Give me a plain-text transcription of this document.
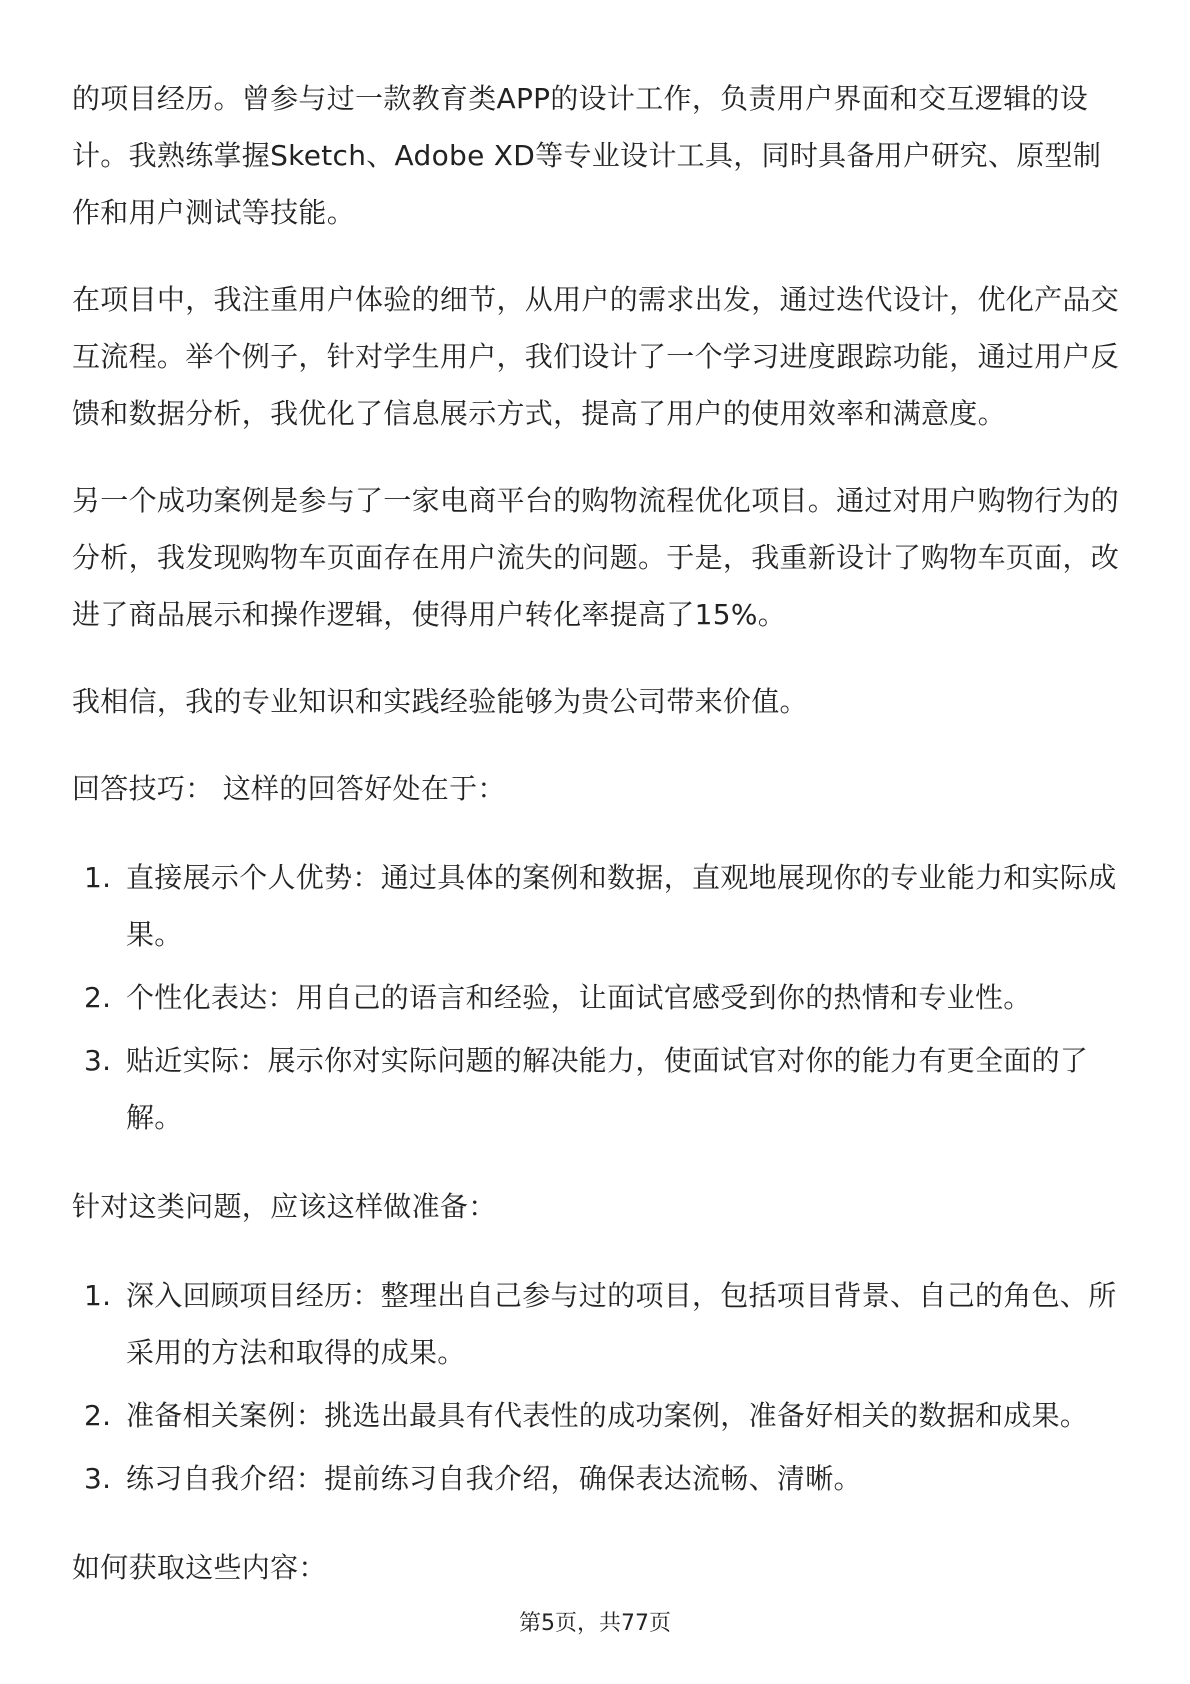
的项目经历。曾参与过一款教育类APP的设计工作，负责用户界面和交互逻辑的设计。我熟练掌握Sketch、Adobe XD等专业设计工具，同时具备用户研究、原型制作和用户测试等技能。

在项目中，我注重用户体验的细节，从用户的需求出发，通过迭代设计，优化产品交互流程。举个例子，针对学生用户，我们设计了一个学习进度跟踪功能，通过用户反馈和数据分析，我优化了信息展示方式，提高了用户的使用效率和满意度。

另一个成功案例是参与了一家电商平台的购物流程优化项目。通过对用户购物行为的分析，我发现购物车页面存在用户流失的问题。于是，我重新设计了购物车页面，改进了商品展示和操作逻辑，使得用户转化率提高了15%。

我相信，我的专业知识和实践经验能够为贵公司带来价值。

回答技巧： 这样的回答好处在于：

1. 直接展示个人优势：通过具体的案例和数据，直观地展现你的专业能力和实际成果。
2. 个性化表达：用自己的语言和经验，让面试官感受到你的热情和专业性。
3. 贴近实际：展示你对实际问题的解决能力，使面试官对你的能力有更全面的了解。

针对这类问题，应该这样做准备：

1. 深入回顾项目经历：整理出自己参与过的项目，包括项目背景、自己的角色、所采用的方法和取得的成果。
2. 准备相关案例：挑选出最具有代表性的成功案例，准备好相关的数据和成果。
3. 练习自我介绍：提前练习自我介绍，确保表达流畅、清晰。

如何获取这些内容：

第5页，共77页
